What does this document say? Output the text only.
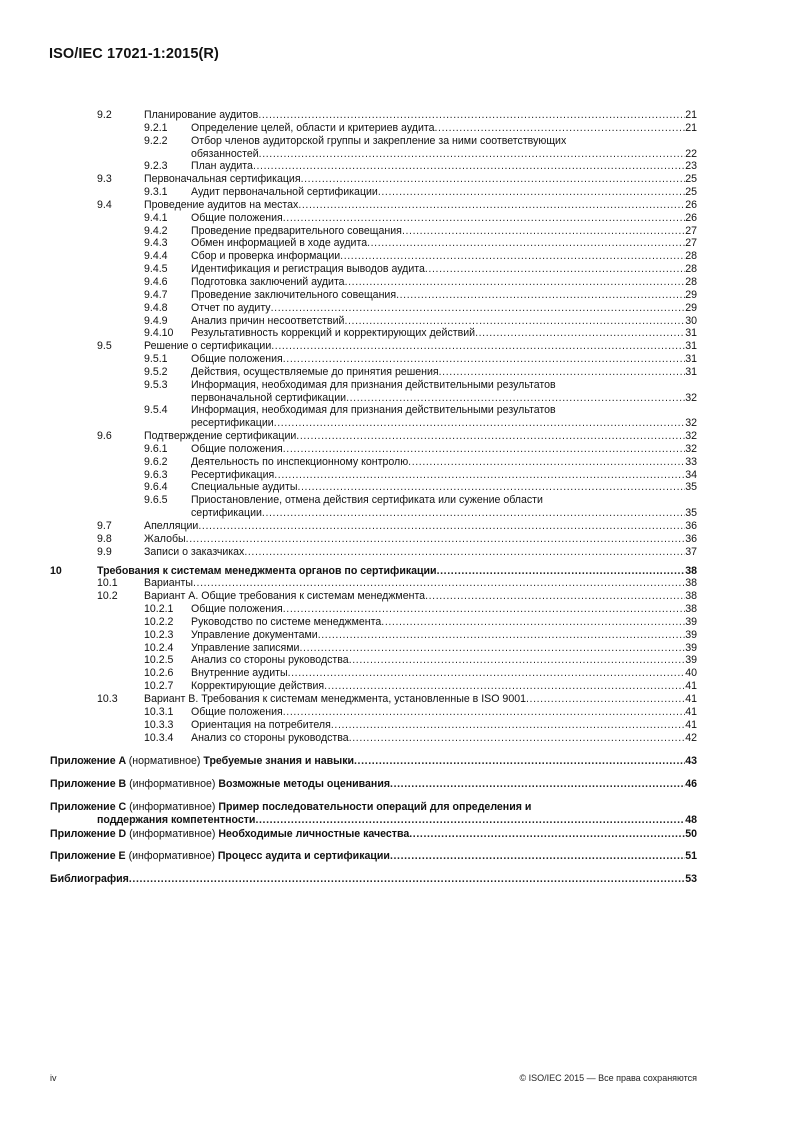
ISO/IEC 17021-1:2015(R)
9.2	Планирование аудитов .....	21
9.2.1 Определение целей, области и критериев аудита .....	21
9.2.2 Отбор членов аудиторской группы и закрепление за ними соответствующих
обязанностей .....	22
9.2.3 План аудита .....	23
9.3	Первоначальная сертификация .....	25
9.3.1 Аудит первоначальной сертификации .....	25
9.4	Проведение аудитов на местах .....	26
9.4.1 Общие положения .....	26
9.4.2 Проведение предварительного совещания .....	27
9.4.3 Обмен информацией в ходе аудита .....	27
9.4.4 Сбор и проверка информации .....	28
9.4.5 Идентификация и регистрация выводов аудита .....	28
9.4.6 Подготовка заключений аудита .....	28
9.4.7 Проведение заключительного совещания .....	29
9.4.8 Отчет по аудиту .....	29
9.4.9 Анализ причин несоответствий .....	30
9.4.10 Результативность коррекций и корректирующих действий .....	31
9.5	Решение о сертификации .....	31
9.5.1 Общие положения .....	31
9.5.2 Действия, осуществляемые до принятия решения .....	31
9.5.3 Информация, необходимая для признания действительными результатов
первоначальной сертификации .....	32
9.5.4 Информация, необходимая для признания действительными результатов
ресертификации .....	32
9.6	Подтверждение сертификации .....	32
9.6.1 Общие положения .....	32
9.6.2 Деятельность по инспекционному контролю .....	33
9.6.3 Ресертификация .....	34
9.6.4 Специальные аудиты .....	35
9.6.5 Приостановление, отмена действия сертификата или сужение области
сертификации .....	35
9.7	Апелляции .....	36
9.8	Жалобы .....	36
9.9	Записи о заказчиках .....	37
10	Требования к системам менеджмента органов по сертификации .....	38
10.1 Варианты .....	38
10.2 Вариант А. Общие требования к системам менеджмента .....	38
10.2.1 Общие положения .....	38
10.2.2 Руководство по системе менеджмента .....	39
10.2.3 Управление документами .....	39
10.2.4 Управление записями .....	39
10.2.5 Анализ со стороны руководства .....	39
10.2.6 Внутренние аудиты .....	40
10.2.7 Корректирующие действия .....	41
10.3 Вариант В. Требования к системам менеджмента, установленные в ISO 9001 .....	41
10.3.1 Общие положения .....	41
10.3.3 Ориентация на потребителя .....	41
10.3.4 Анализ со стороны руководства .....	42
Приложение A (нормативное) Требуемые знания и навыки .....	43
Приложение B (информативное) Возможные методы оценивания .....	46
Приложение C (информативное) Пример последовательности операций для определения и
поддержания компетентности .....	48
Приложение D (информативное) Необходимые личностные качества .....	50
Приложение E (информативное) Процесс аудита и сертификации .....	51
Библиография .....	53
iv	© ISO/IEC 2015 — Все права сохраняются
